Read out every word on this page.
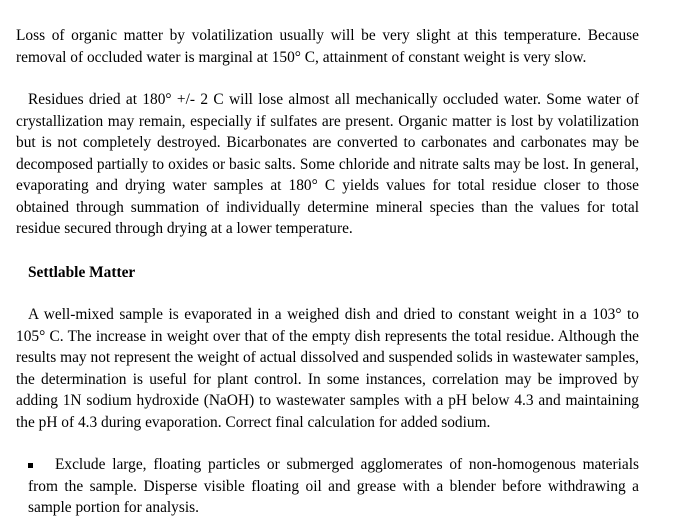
Loss of organic matter by volatilization usually will be very slight at this temperature. Because removal of occluded water is marginal at 150° C, attainment of constant weight is very slow.

Residues dried at 180° +/- 2 C will lose almost all mechanically occluded water. Some water of crystallization may remain, especially if sulfates are present. Organic matter is lost by volatilization but is not completely destroyed. Bicarbonates are converted to carbonates and carbonates may be decomposed partially to oxides or basic salts. Some chloride and nitrate salts may be lost. In general, evaporating and drying water samples at 180° C yields values for total residue closer to those obtained through summation of individually determine mineral species than the values for total residue secured through drying at a lower temperature.

Settlable Matter

A well-mixed sample is evaporated in a weighed dish and dried to constant weight in a 103° to 105° C. The increase in weight over that of the empty dish represents the total residue. Although the results may not represent the weight of actual dissolved and suspended solids in wastewater samples, the determination is useful for plant control. In some instances, correlation may be improved by adding 1N sodium hydroxide (NaOH) to wastewater samples with a pH below 4.3 and maintaining the pH of 4.3 during evaporation. Correct final calculation for added sodium.

Exclude large, floating particles or submerged agglomerates of non-homogenous materials from the sample. Disperse visible floating oil and grease with a blender before withdrawing a sample portion for analysis.
